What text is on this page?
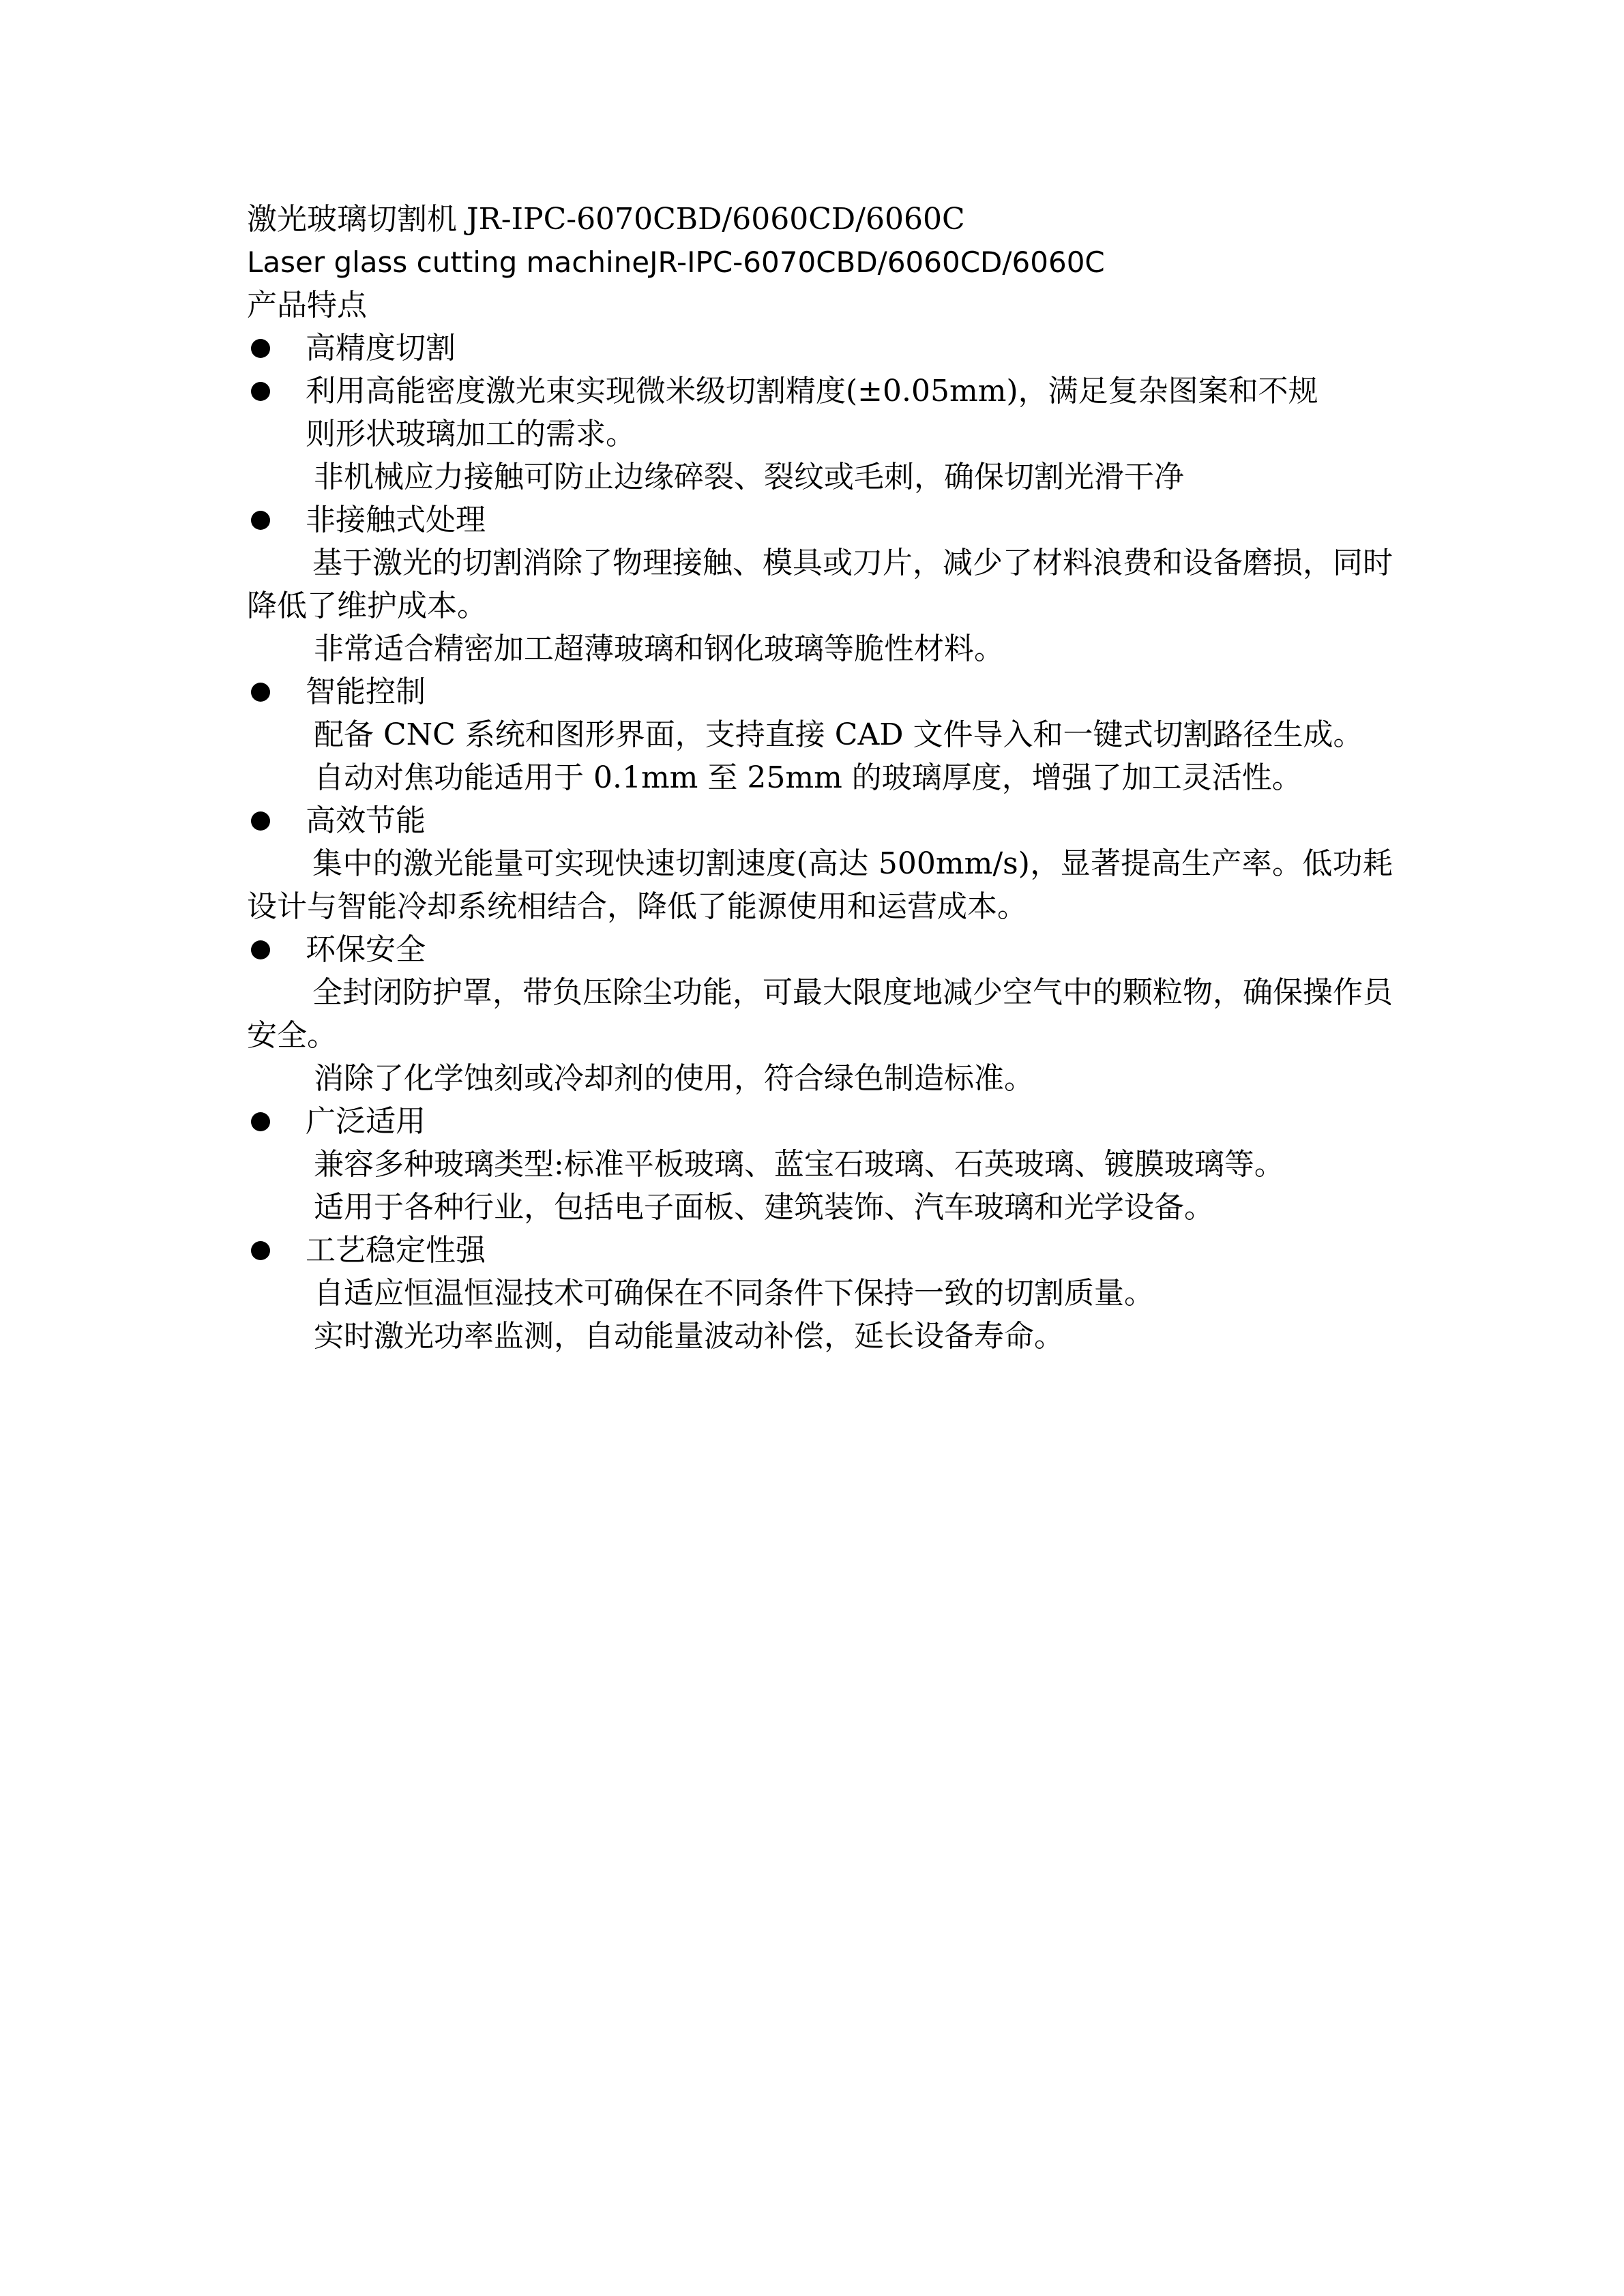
激光玻璃切割机 JR-IPC-6070CBD/6060CD/6060C

Laser glass cutting machineJR-IPC-6070CBD/6060CD/6060C

产品特点

高精度切割
利用高能密度激光束实现微米级切割精度(±0.05mm)，满足复杂图案和不规

则形状玻璃加工的需求。

非机械应力接触可防止边缘碎裂、裂纹或毛刺，确保切割光滑干净

非接触式处理

基于激光的切割消除了物理接触、模具或刀片，减少了材料浪费和设备磨损，同时降低了维护成本。

非常适合精密加工超薄玻璃和钢化玻璃等脆性材料。

智能控制

配备 CNC 系统和图形界面，支持直接 CAD 文件导入和一键式切割路径生成。

自动对焦功能适用于 0.1mm 至 25mm 的玻璃厚度，增强了加工灵活性。

高效节能

集中的激光能量可实现快速切割速度(高达 500mm/s)，显著提高生产率。低功耗设计与智能冷却系统相结合，降低了能源使用和运营成本。

环保安全

全封闭防护罩，带负压除尘功能，可最大限度地减少空气中的颗粒物，确保操作员安全。

消除了化学蚀刻或冷却剂的使用，符合绿色制造标准。

广泛适用

兼容多种玻璃类型:标准平板玻璃、蓝宝石玻璃、石英玻璃、镀膜玻璃等。

适用于各种行业，包括电子面板、建筑装饰、汽车玻璃和光学设备。

工艺稳定性强

自适应恒温恒湿技术可确保在不同条件下保持一致的切割质量。

实时激光功率监测，自动能量波动补偿，延长设备寿命。
